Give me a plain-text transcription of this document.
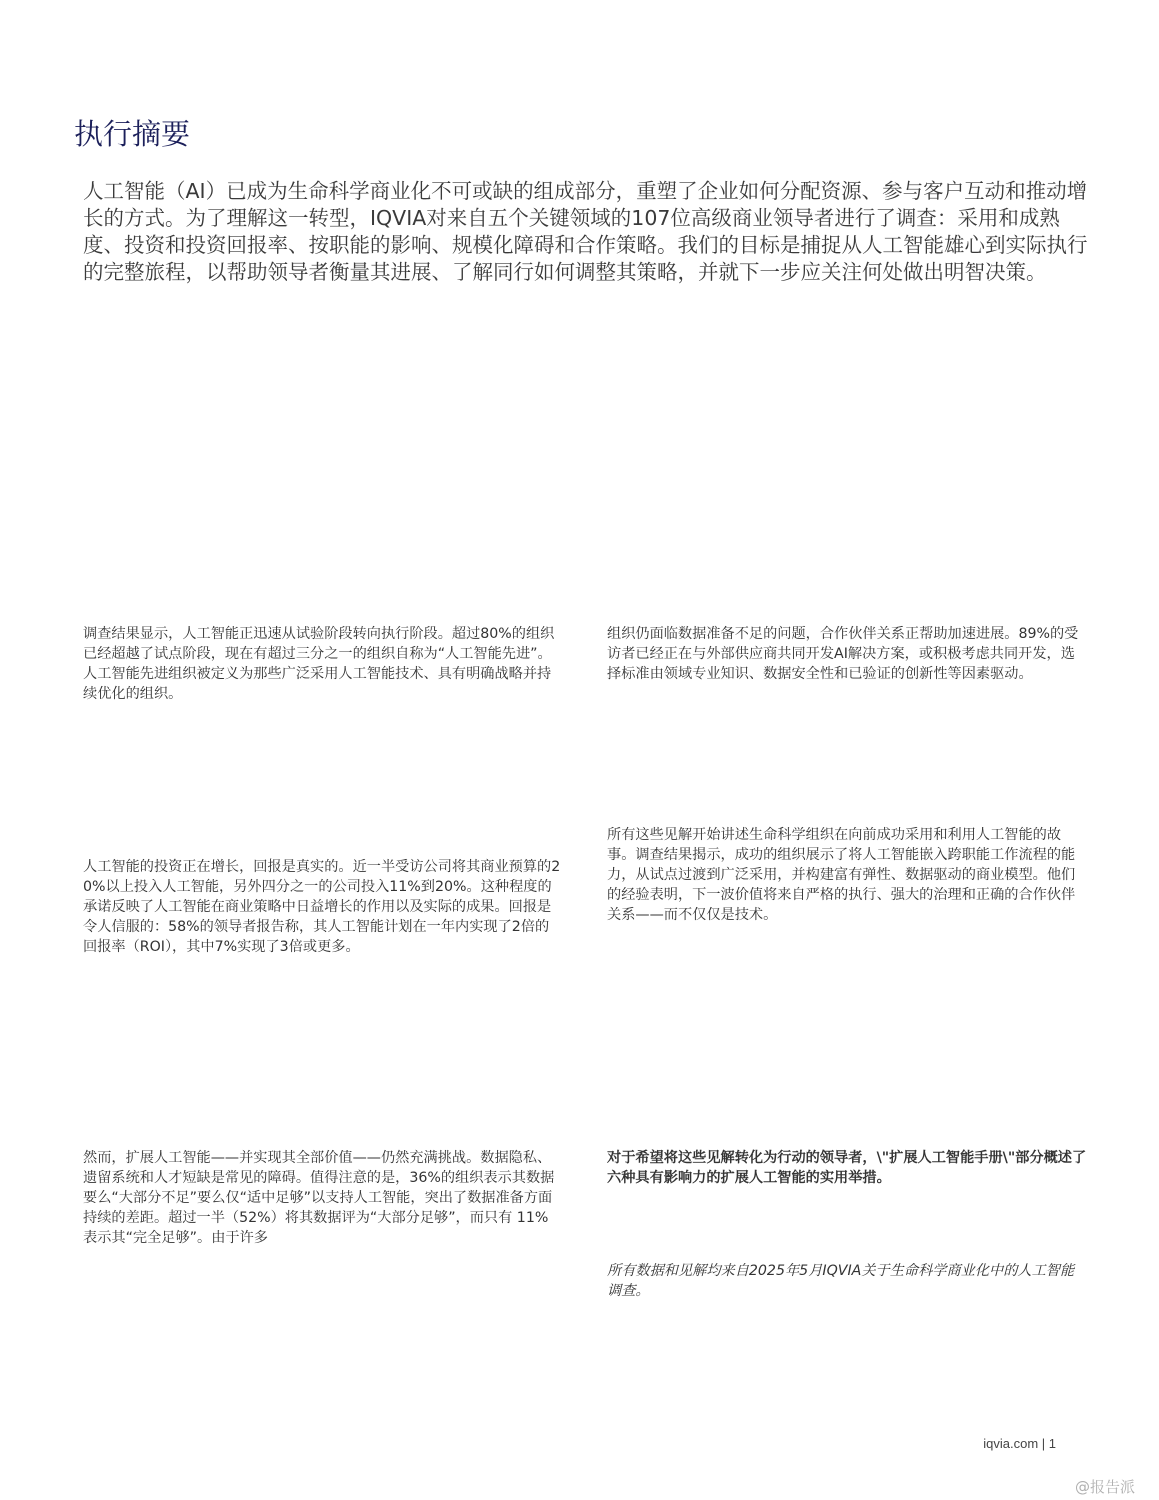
执行摘要

人工智能（AI）已成为生命科学商业化不可或缺的组成部分，重塑了企业如何分配资源、参与客户互动和推动增长的方式。为了理解这一转型，IQVIA对来自五个关键领域的107位高级商业领导者进行了调查：采用和成熟度、投资和投资回报率、按职能的影响、规模化障碍和合作策略。我们的目标是捕捉从人工智能雄心到实际执行的完整旅程，以帮助领导者衡量其进展、了解同行如何调整其策略，并就下一步应关注何处做出明智决策。

调查结果显示，人工智能正迅速从试验阶段转向执行阶段。超过80%的组织已经超越了试点阶段，现在有超过三分之一的组织自称为“人工智能先进”。人工智能先进组织被定义为那些广泛采用人工智能技术、具有明确战略并持续优化的组织。

人工智能的投资正在增长，回报是真实的。近一半受访公司将其商业预算的20%以上投入人工智能，另外四分之一的公司投入11%到20%。这种程度的承诺反映了人工智能在商业策略中日益增长的作用以及实际的成果。回报是令人信服的：58%的领导者报告称，其人工智能计划在一年内实现了2倍的回报率（ROI），其中7%实现了3倍或更多。

然而，扩展人工智能——并实现其全部价值——仍然充满挑战。数据隐私、遗留系统和人才短缺是常见的障碍。值得注意的是，36%的组织表示其数据要么“大部分不足”要么仅“适中足够”以支持人工智能，突出了数据准备方面持续的差距。超过一半（52%）将其数据评为“大部分足够”，而只有 11% 表示其“完全足够”。由于许多

组织仍面临数据准备不足的问题，合作伙伴关系正帮助加速进展。89%的受访者已经正在与外部供应商共同开发AI解决方案，或积极考虑共同开发，选择标准由领域专业知识、数据安全性和已验证的创新性等因素驱动。

所有这些见解开始讲述生命科学组织在向前成功采用和利用人工智能的故事。调查结果揭示，成功的组织展示了将人工智能嵌入跨职能工作流程的能力，从试点过渡到广泛采用，并构建富有弹性、数据驱动的商业模型。他们的经验表明，下一波价值将来自严格的执行、强大的治理和正确的合作伙伴关系——而不仅仅是技术。

对于希望将这些见解转化为行动的领导者，\"扩展人工智能手册\"部分概述了六种具有影响力的扩展人工智能的实用举措。

所有数据和见解均来自2025年5月IQVIA关于生命科学商业化中的人工智能调查。

iqvia.com | 1
@报告派
